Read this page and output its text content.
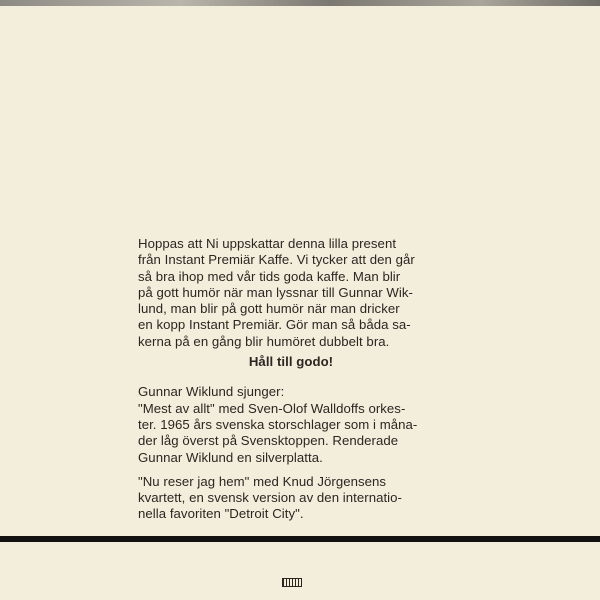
Hoppas att Ni uppskattar denna lilla present

från Instant Premiär Kaffe. Vi tycker att den går

så bra ihop med vår tids goda kaffe. Man blir

på gott humör när man lyssnar till Gunnar Wik-

lund, man blir på gott humör när man dricker

en kopp Instant Premiär. Gör man så båda sa-

kerna på en gång blir humöret dubbelt bra.

Håll till godo!

Gunnar Wiklund sjunger:

"Mest av allt" med Sven-Olof Walldoffs orkes-

ter. 1965 års svenska storschlager som i måna-

der låg överst på Svensktoppen. Renderade

Gunnar Wiklund en silverplatta.

"Nu reser jag hem" med Knud Jörgensens

kvartett, en svensk version av den internatio-

nella favoriten "Detroit City".
